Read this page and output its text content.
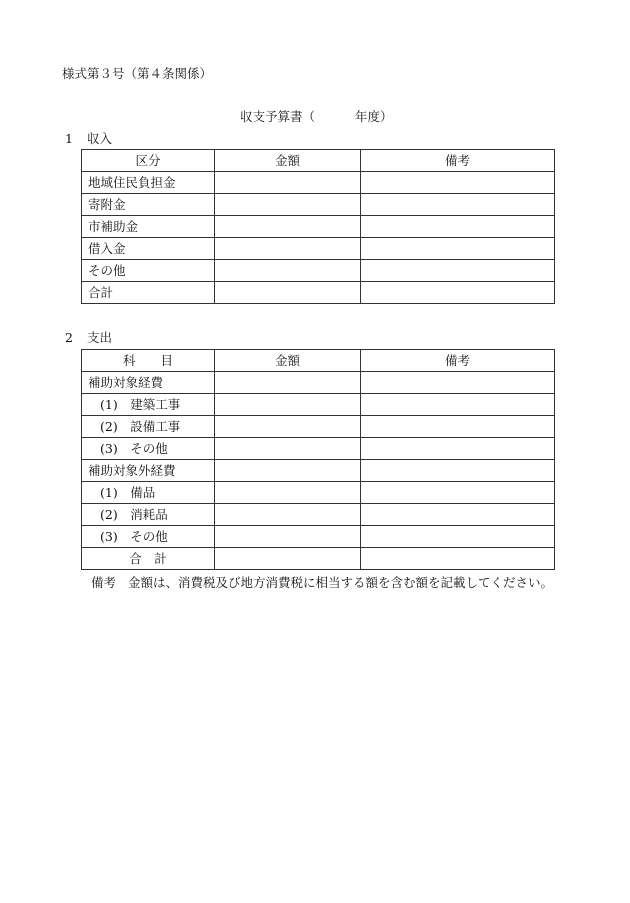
様式第３号（第４条関係）
収支予算書（	年度）
1 収入
区分	金額	備考
地域住民負担金		
寄附金		
市補助金		
借入金		
その他		
合計		
2 支出
科　　目	金額	備考
補助対象経費		
(1)　建築工事		
(2)　設備工事		
(3)　その他		
補助対象外経費		
(1)　備品		
(2)　消耗品		
(3)　その他		
合　計		
備考 金額は、消費税及び地方消費税に相当する額を含む額を記載してください。
